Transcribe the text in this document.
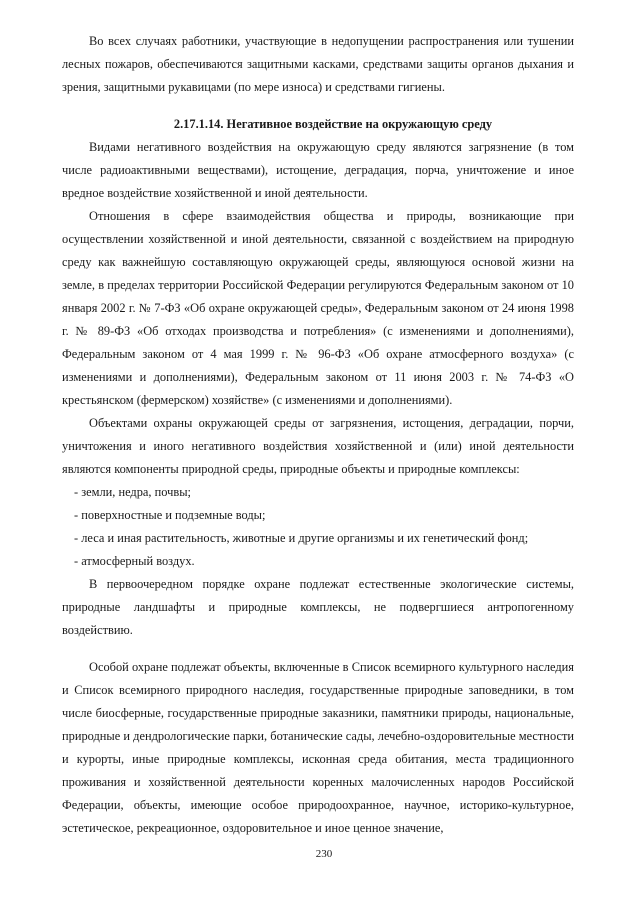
Во всех случаях работники, участвующие в недопущении распространения или тушении лесных пожаров, обеспечиваются защитными касками, средствами защиты органов дыхания и зрения, защитными рукавицами (по мере износа) и средствами гигиены.

2.17.1.14. Негативное воздействие на окружающую среду

Видами негативного воздействия на окружающую среду являются загрязнение (в том числе радиоактивными веществами), истощение, деградация, порча, уничтожение и иное вредное воздействие хозяйственной и иной деятельности.

Отношения в сфере взаимодействия общества и природы, возникающие при осуществлении хозяйственной и иной деятельности, связанной с воздействием на природную среду как важнейшую составляющую окружающей среды, являющуюся основой жизни на земле, в пределах территории Российской Федерации регулируются Федеральным законом от 10 января 2002 г. № 7-ФЗ «Об охране окружающей среды», Федеральным законом от 24 июня 1998 г. № 89-ФЗ «Об отходах производства и потребления» (с изменениями и дополнениями), Федеральным законом от 4 мая 1999 г. № 96-ФЗ «Об охране атмосферного воздуха» (с изменениями и дополнениями), Федеральным законом от 11 июня 2003 г. № 74-ФЗ «О крестьянском (фермерском) хозяйстве» (с изменениями и дополнениями).

Объектами охраны окружающей среды от загрязнения, истощения, деградации, порчи, уничтожения и иного негативного воздействия хозяйственной и (или) иной деятельности являются компоненты природной среды, природные объекты и природные комплексы:

- земли, недра, почвы;
- поверхностные и подземные воды;
- леса и иная растительность, животные и другие организмы и их генетический фонд;
- атмосферный воздух.

В первоочередном порядке охране подлежат естественные экологические системы, природные ландшафты и природные комплексы, не подвергшиеся антропогенному воздействию.

Особой охране подлежат объекты, включенные в Список всемирного культурного наследия и Список всемирного природного наследия, государственные природные заповедники, в том числе биосферные, государственные природные заказники, памятники природы, национальные, природные и дендрологические парки, ботанические сады, лечебно-оздоровительные местности и курорты, иные природные комплексы, исконная среда обитания, места традиционного проживания и хозяйственной деятельности коренных малочисленных народов Российской Федерации, объекты, имеющие особое природоохранное, научное, историко-культурное, эстетическое, рекреационное, оздоровительное и иное ценное значение,

230
